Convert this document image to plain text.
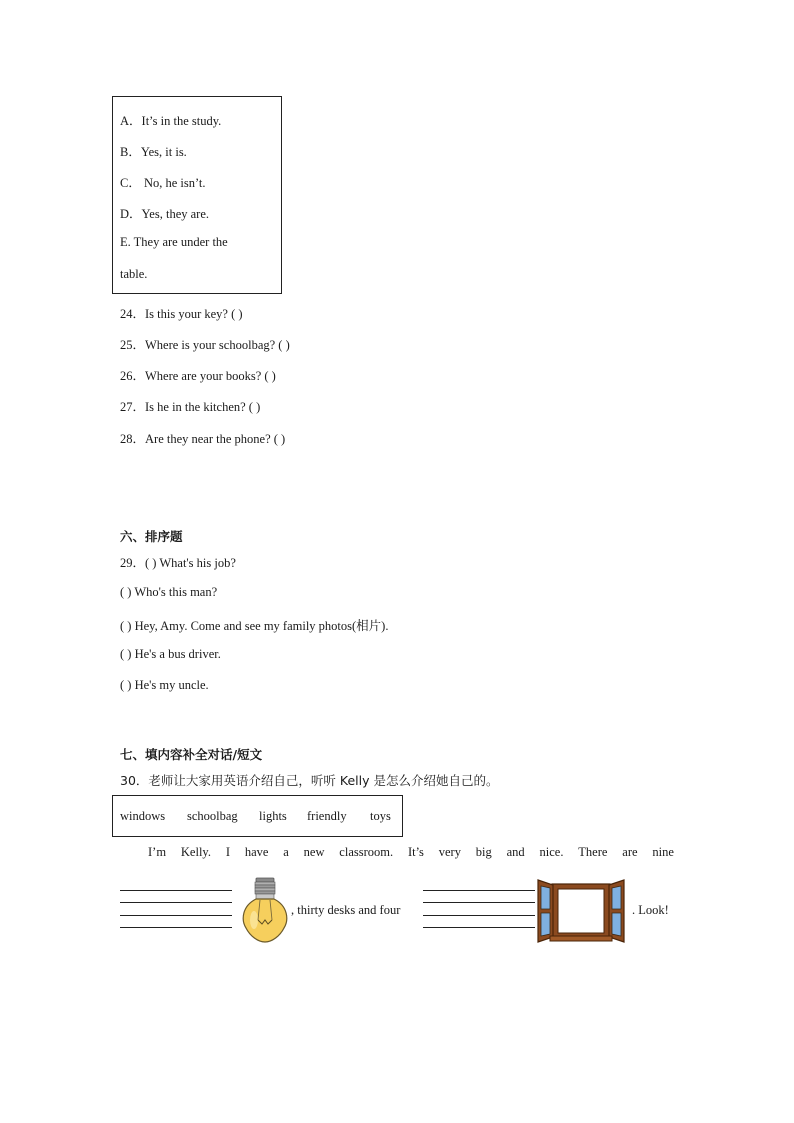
A．It’s in the study.
B．Yes, it is.
C． No, he isn’t.
D．Yes, they are.
E. They are under the
table.
24．Is this your key? ( )
25．Where is your schoolbag? ( )
26．Where are your books? ( )
27．Is he in the kitchen? ( )
28．Are they near the phone? ( )
六、排序题
29．( ) What's his job?
( ) Who's this man?
( ) Hey, Amy. Come and see my family photos(相片).
( ) He's a bus driver.
( ) He's my uncle.
七、填内容补全对话/短文
30．老师让大家用英语介绍自己，听听 Kelly 是怎么介绍她自己的。
windows schoolbag lights friendly toys
I’m Kelly. I have a new classroom. It’s very big and nice. There are nine
, thirty desks and four	. Look!
